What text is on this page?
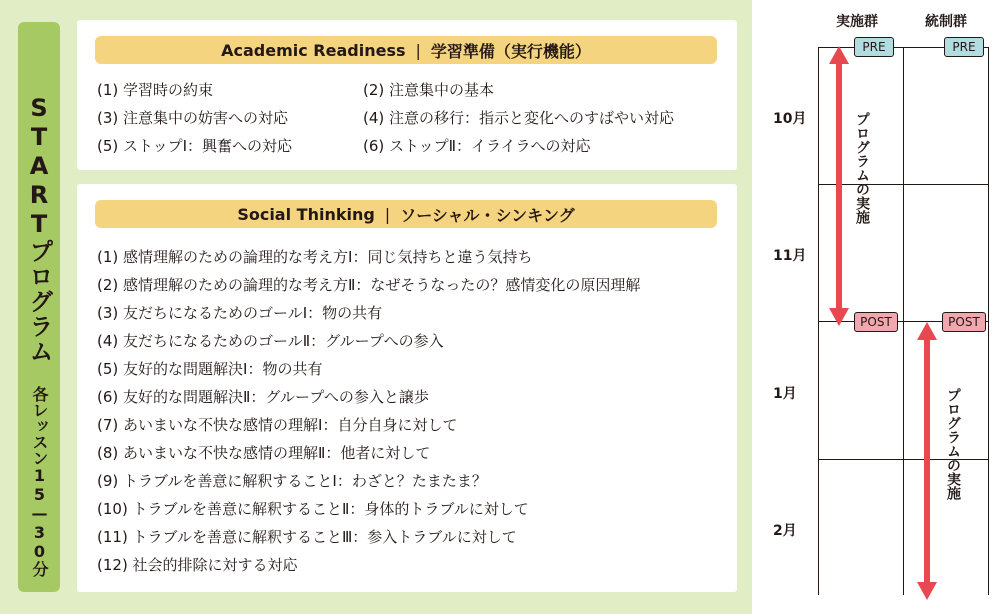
STARTプログラム
各レッスン15—30分
Academic Readiness | 学習準備（実行機能）
(1) 学習時の約束	(2) 注意集中の基本
(3) 注意集中の妨害への対応	(4) 注意の移行：指示と変化へのすばやい対応
(5) ストップⅠ：興奮への対応	(6) ストップⅡ：イライラへの対応
Social Thinking | ソーシャル・シンキング
(1) 感情理解のための論理的な考え方Ⅰ：同じ気持ちと違う気持ち
(2) 感情理解のための論理的な考え方Ⅱ：なぜそうなったの？感情変化の原因理解
(3) 友だちになるためのゴールⅠ：物の共有
(4) 友だちになるためのゴールⅡ：グループへの参入
(5) 友好的な問題解決Ⅰ：物の共有
(6) 友好的な問題解決Ⅱ：グループへの参入と譲歩
(7) あいまいな不快な感情の理解Ⅰ：自分自身に対して
(8) あいまいな不快な感情の理解Ⅱ：他者に対して
(9) トラブルを善意に解釈することⅠ：わざと？たまたま？
(10) トラブルを善意に解釈することⅡ：身体的トラブルに対して
(11) トラブルを善意に解釈することⅢ：参入トラブルに対して
(12) 社会的排除に対する対応
実施群	統制群
10月
11月
1月
2月
プログラムの実施
プログラムの実施
PRE	PRE
POST	POST
